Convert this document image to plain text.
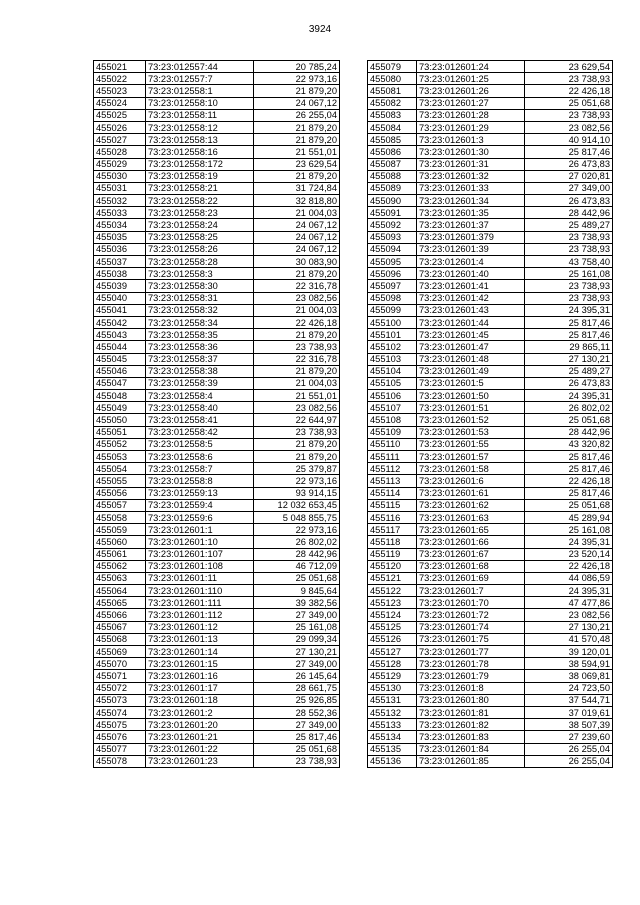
3924
455021	73:23:012557:44	20 785,24
455022	73:23:012557:7	22 973,16
455023	73:23:012558:1	21 879,20
455024	73:23:012558:10	24 067,12
455025	73:23:012558:11	26 255,04
455026	73:23:012558:12	21 879,20
455027	73:23:012558:13	21 879,20
455028	73:23:012558:16	21 551,01
455029	73:23:012558:172	23 629,54
455030	73:23:012558:19	21 879,20
455031	73:23:012558:21	31 724,84
455032	73:23:012558:22	32 818,80
455033	73:23:012558:23	21 004,03
455034	73:23:012558:24	24 067,12
455035	73:23:012558:25	24 067,12
455036	73:23:012558:26	24 067,12
455037	73:23:012558:28	30 083,90
455038	73:23:012558:3	21 879,20
455039	73:23:012558:30	22 316,78
455040	73:23:012558:31	23 082,56
455041	73:23:012558:32	21 004,03
455042	73:23:012558:34	22 426,18
455043	73:23:012558:35	21 879,20
455044	73:23:012558:36	23 738,93
455045	73:23:012558:37	22 316,78
455046	73:23:012558:38	21 879,20
455047	73:23:012558:39	21 004,03
455048	73:23:012558:4	21 551,01
455049	73:23:012558:40	23 082,56
455050	73:23:012558:41	22 644,97
455051	73:23:012558:42	23 738,93
455052	73:23:012558:5	21 879,20
455053	73:23:012558:6	21 879,20
455054	73:23:012558:7	25 379,87
455055	73:23:012558:8	22 973,16
455056	73:23:012559:13	93 914,15
455057	73:23:012559:4	12 032 653,45
455058	73:23:012559:6	5 048 855,75
455059	73:23:012601:1	22 973,16
455060	73:23:012601:10	26 802,02
455061	73:23:012601:107	28 442,96
455062	73:23:012601:108	46 712,09
455063	73:23:012601:11	25 051,68
455064	73:23:012601:110	9 845,64
455065	73:23:012601:111	39 382,56
455066	73:23:012601:112	27 349,00
455067	73:23:012601:12	25 161,08
455068	73:23:012601:13	29 099,34
455069	73:23:012601:14	27 130,21
455070	73:23:012601:15	27 349,00
455071	73:23:012601:16	26 145,64
455072	73:23:012601:17	28 661,75
455073	73:23:012601:18	25 926,85
455074	73:23:012601:2	28 552,36
455075	73:23:012601:20	27 349,00
455076	73:23:012601:21	25 817,46
455077	73:23:012601:22	25 051,68
455078	73:23:012601:23	23 738,93
455079	73:23:012601:24	23 629,54
455080	73:23:012601:25	23 738,93
455081	73:23:012601:26	22 426,18
455082	73:23:012601:27	25 051,68
455083	73:23:012601:28	23 738,93
455084	73:23:012601:29	23 082,56
455085	73:23:012601:3	40 914,10
455086	73:23:012601:30	25 817,46
455087	73:23:012601:31	26 473,83
455088	73:23:012601:32	27 020,81
455089	73:23:012601:33	27 349,00
455090	73:23:012601:34	26 473,83
455091	73:23:012601:35	28 442,96
455092	73:23:012601:37	25 489,27
455093	73:23:012601:379	23 738,93
455094	73:23:012601:39	23 738,93
455095	73:23:012601:4	43 758,40
455096	73:23:012601:40	25 161,08
455097	73:23:012601:41	23 738,93
455098	73:23:012601:42	23 738,93
455099	73:23:012601:43	24 395,31
455100	73:23:012601:44	25 817,46
455101	73:23:012601:45	25 817,46
455102	73:23:012601:47	29 865,11
455103	73:23:012601:48	27 130,21
455104	73:23:012601:49	25 489,27
455105	73:23:012601:5	26 473,83
455106	73:23:012601:50	24 395,31
455107	73:23:012601:51	26 802,02
455108	73:23:012601:52	25 051,68
455109	73:23:012601:53	28 442,96
455110	73:23:012601:55	43 320,82
455111	73:23:012601:57	25 817,46
455112	73:23:012601:58	25 817,46
455113	73:23:012601:6	22 426,18
455114	73:23:012601:61	25 817,46
455115	73:23:012601:62	25 051,68
455116	73:23:012601:63	45 289,94
455117	73:23:012601:65	25 161,08
455118	73:23:012601:66	24 395,31
455119	73:23:012601:67	23 520,14
455120	73:23:012601:68	22 426,18
455121	73:23:012601:69	44 086,59
455122	73:23:012601:7	24 395,31
455123	73:23:012601:70	47 477,86
455124	73:23:012601:72	23 082,56
455125	73:23:012601:74	27 130,21
455126	73:23:012601:75	41 570,48
455127	73:23:012601:77	39 120,01
455128	73:23:012601:78	38 594,91
455129	73:23:012601:79	38 069,81
455130	73:23:012601:8	24 723,50
455131	73:23:012601:80	37 544,71
455132	73:23:012601:81	37 019,61
455133	73:23:012601:82	38 507,39
455134	73:23:012601:83	27 239,60
455135	73:23:012601:84	26 255,04
455136	73:23:012601:85	26 255,04
